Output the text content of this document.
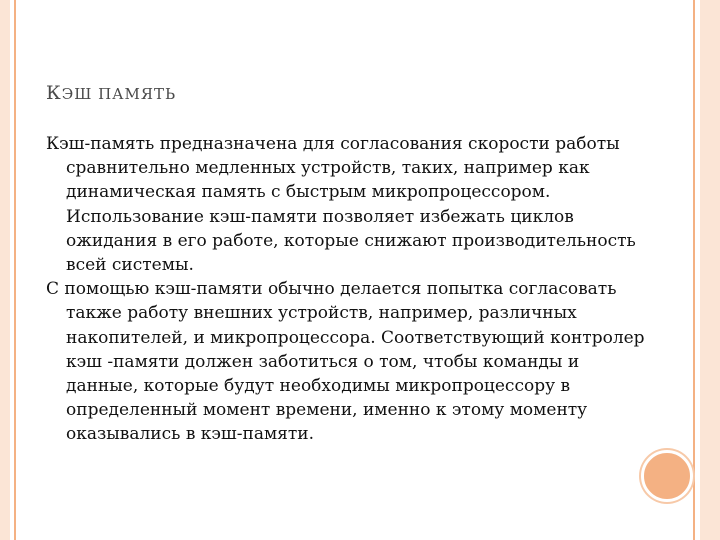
КЭШ ПАМЯТЬ

Кэш-память предназначена для согласования скорости работы сравнительно медленных устройств, таких, например как динамическая память с быстрым микропроцессором. Использование кэш-памяти позволяет избежать циклов ожидания в его работе, которые снижают производительность всей системы.

С помощью кэш-памяти обычно делается попытка согласовать также работу внешних устройств, например, различных накопителей, и микропроцессора. Соответствующий контролер кэш -памяти должен заботиться о том, чтобы команды и данные, которые будут необходимы микропроцессору в определенный момент времени, именно к этому моменту оказывались в кэш-памяти.
